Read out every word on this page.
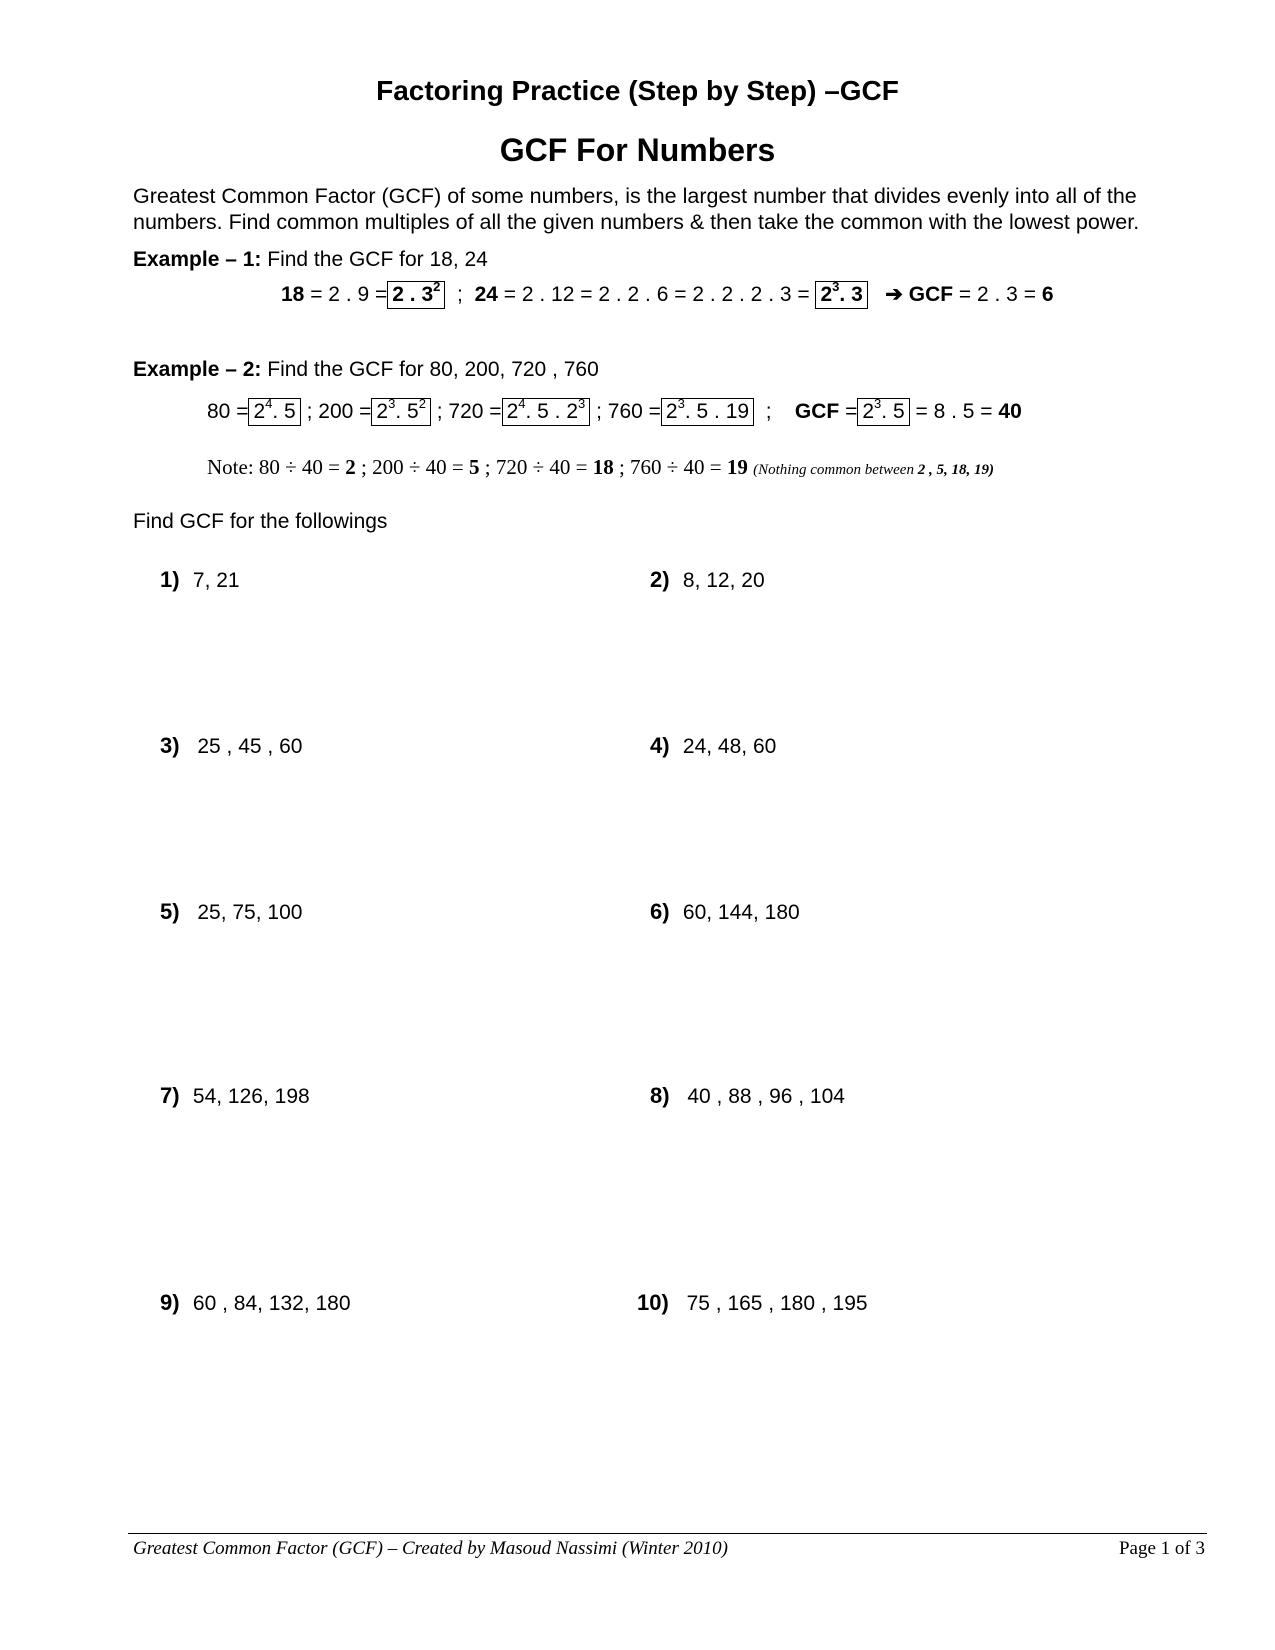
Factoring Practice (Step by Step) –GCF
GCF For Numbers
Greatest Common Factor (GCF) of some numbers, is the largest number that divides evenly into all of the numbers. Find common multiples of all the given numbers & then take the common with the lowest power.
Example – 1: Find the GCF for 18, 24
18 = 2 . 9 = 2 . $3^2$ ; 24 = 2 . 12 = 2 . 2 . 6 = 2 . 2 . 2 . $3 = 2^3$. 3 ➔ GCF = 2 . 3 = 6
Example – 2: Find the GCF for 80, 200, 720 , 760
$80 = 2^4$. 5 ; $200 = 2^3$. $5^2$ ; $720 = 2^4$. 5 . $2^3$ ; $760 = 2^3$. 5 . 19 ; GCF = $2^3$. 5 = 8 . 5 = 40
Note: 80 ÷ 40 = 2 ; 200 ÷ 40 = 5 ; 720 ÷ 40 = 18 ; 760 ÷ 40 = 19 (Nothing common between 2 , 5, 18, 19)
Find GCF for the followings
1) 7, 21	2) 8, 12, 20
3) 25 , 45 , 60	4) 24, 48, 60
5) 25, 75, 100	6) 60, 144, 180
7) 54, 126, 198	8) 40 , 88 , 96 , 104
9) 60 , 84, 132, 180	10) 75 , 165 , 180 , 195
Greatest Common Factor (GCF) – Created by Masoud Nassimi (Winter 2010)	Page 1 of 3
